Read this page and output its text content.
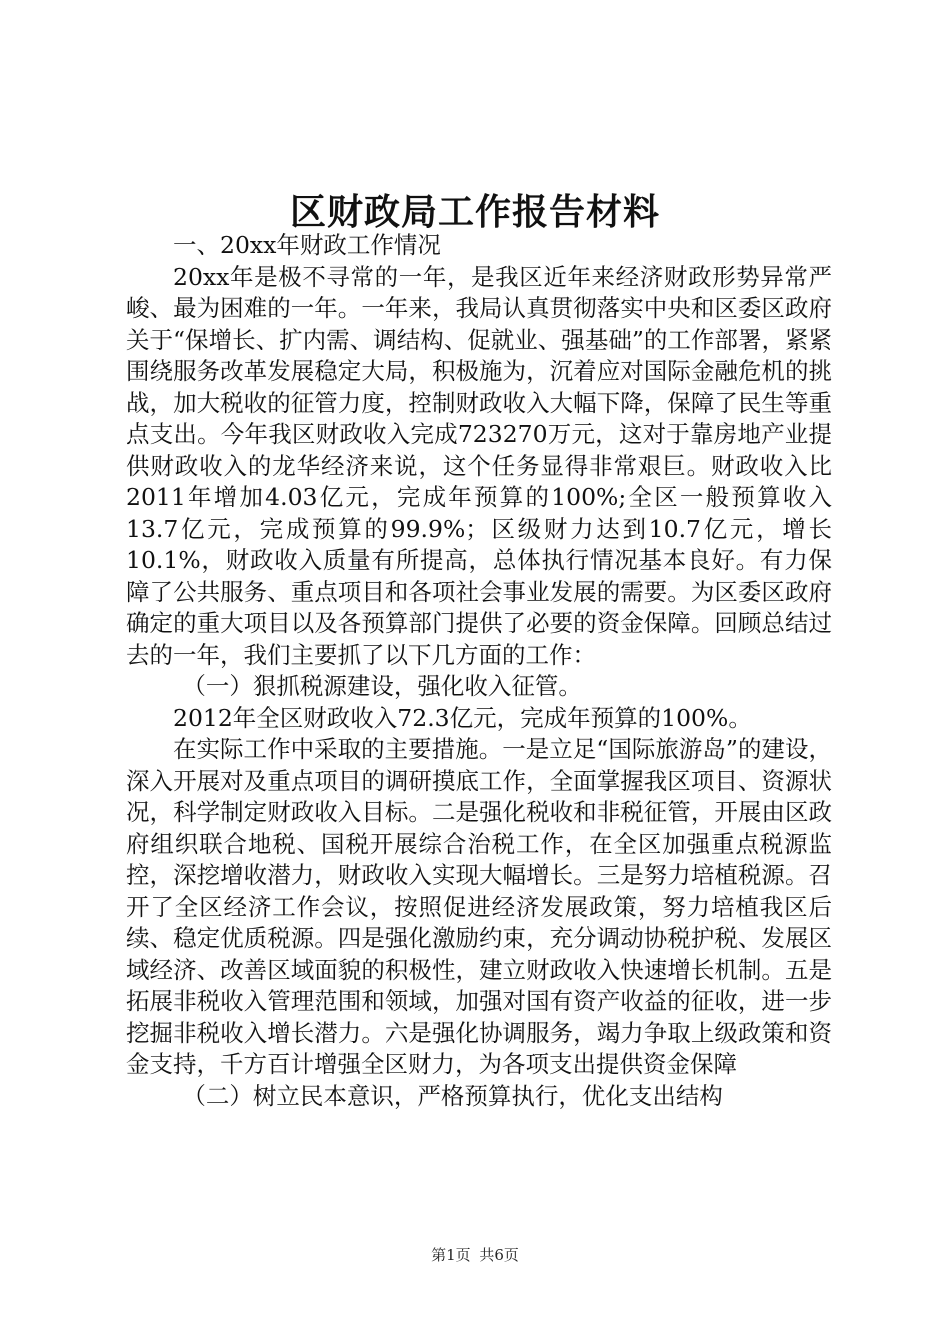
区财政局工作报告材料

一、20xx年财政工作情况

20xx年是极不寻常的一年，是我区近年来经济财政形势异常严峻、最为困难的一年。一年来，我局认真贯彻落实中央和区委区政府关于“保增长、扩内需、调结构、促就业、强基础”的工作部署，紧紧围绕服务改革发展稳定大局，积极施为，沉着应对国际金融危机的挑战，加大税收的征管力度，控制财政收入大幅下降，保障了民生等重点支出。今年我区财政收入完成723270万元，这对于靠房地产业提供财政收入的龙华经济来说，这个任务显得非常艰巨。财政收入比2011年增加4.03亿元，完成年预算的100%;全区一般预算收入13.7亿元，完成预算的99.9%；区级财力达到10.7亿元，增长10.1%，财政收入质量有所提高，总体执行情况基本良好。有力保障了公共服务、重点项目和各项社会事业发展的需要。为区委区政府确定的重大项目以及各预算部门提供了必要的资金保障。回顾总结过去的一年，我们主要抓了以下几方面的工作：

（一）狠抓税源建设，强化收入征管。

2012年全区财政收入72.3亿元，完成年预算的100%。

在实际工作中采取的主要措施。一是立足“国际旅游岛”的建设，深入开展对及重点项目的调研摸底工作，全面掌握我区项目、资源状况，科学制定财政收入目标。二是强化税收和非税征管，开展由区政府组织联合地税、国税开展综合治税工作，在全区加强重点税源监控，深挖增收潜力，财政收入实现大幅增长。三是努力培植税源。召开了全区经济工作会议，按照促进经济发展政策，努力培植我区后续、稳定优质税源。四是强化激励约束，充分调动协税护税、发展区域经济、改善区域面貌的积极性，建立财政收入快速增长机制。五是拓展非税收入管理范围和领域，加强对国有资产收益的征收，进一步挖掘非税收入增长潜力。六是强化协调服务，竭力争取上级政策和资金支持，千方百计增强全区财力，为各项支出提供资金保障

（二）树立民本意识，严格预算执行，优化支出结构

第1页 共6页
